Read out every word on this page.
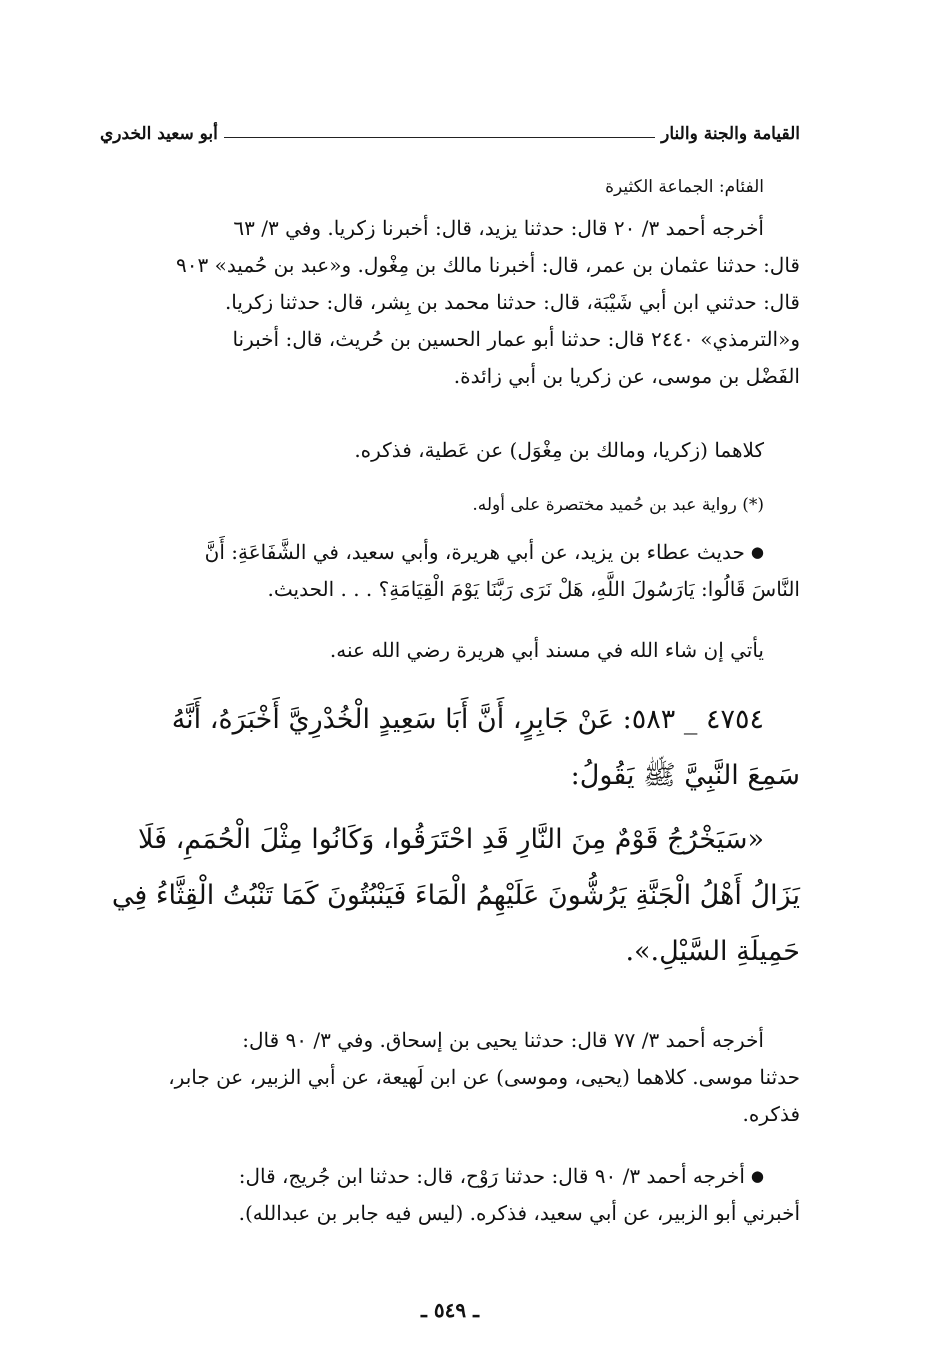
القيامة والجنة والنار
أبو سعيد الخدري
الفئام: الجماعة الكثيرة
أخرجه أحمد ٣/ ٢٠ قال: حدثنا يزيد، قال: أخبرنا زكريا. وفي ٣/ ٦٣
قال: حدثنا عثمان بن عمر، قال: أخبرنا مالك بن مِغْول. و«عبد بن حُميد» ٩٠٣
قال: حدثني ابن أبي شَيْبَة، قال: حدثنا محمد بن بِشر، قال: حدثنا زكريا.
و«الترمذي» ٢٤٤٠ قال: حدثنا أبو عمار الحسين بن حُريث، قال: أخبرنا
الفَضْل بن موسى، عن زكريا بن أبي زائدة.
كلاهما (زكريا، ومالك بن مِغْوَل) عن عَطية، فذكره.
(*) رواية عبد بن حُميد مختصرة على أوله.
●حديث عطاء بن يزيد، عن أبي هريرة، وأبي سعيد، في الشَّفَاعَةِ: أَنَّ
النَّاسَ قَالُوا: يَارَسُولَ اللَّهِ، هَلْ نَرَى رَبَّنَا يَوْمَ الْقِيَامَةِ؟ . . . الحديث.
يأتي إن شاء الله في مسند أبي هريرة رضي الله عنه.
٤٧٥٤ _ ٥٨٣: عَنْ جَابِرٍ، أَنَّ أَبَا سَعِيدٍ الْخُدْرِيَّ أَخْبَرَهُ، أَنَّهُ
سَمِعَ النَّبِيَّ ﷺ يَقُولُ:
«سَيَخْرُجُ قَوْمٌ مِنَ النَّارِ قَدِ احْتَرَقُوا، وَكَانُوا مِثْلَ الْحُمَمِ، فَلَا
يَزَالُ أَهْلُ الْجَنَّةِ يَرُشُّونَ عَلَيْهِمُ الْمَاءَ فَيَنْبُتُونَ كَمَا تَنْبُتُ الْقِثَّاءُ فِي
حَمِيلَةِ السَّيْلِ.».
أخرجه أحمد ٣/ ٧٧ قال: حدثنا يحيى بن إسحاق. وفي ٣/ ٩٠ قال:
حدثنا موسى. كلاهما (يحيى، وموسى) عن ابن لَهيعة، عن أبي الزبير، عن جابر،
فذكره.
●أخرجه أحمد ٣/ ٩٠ قال: حدثنا رَوْح، قال: حدثنا ابن جُريج، قال:
أخبرني أبو الزبير، عن أبي سعيد، فذكره. (ليس فيه جابر بن عبدالله).
ـ ٥٤٩ ـ
